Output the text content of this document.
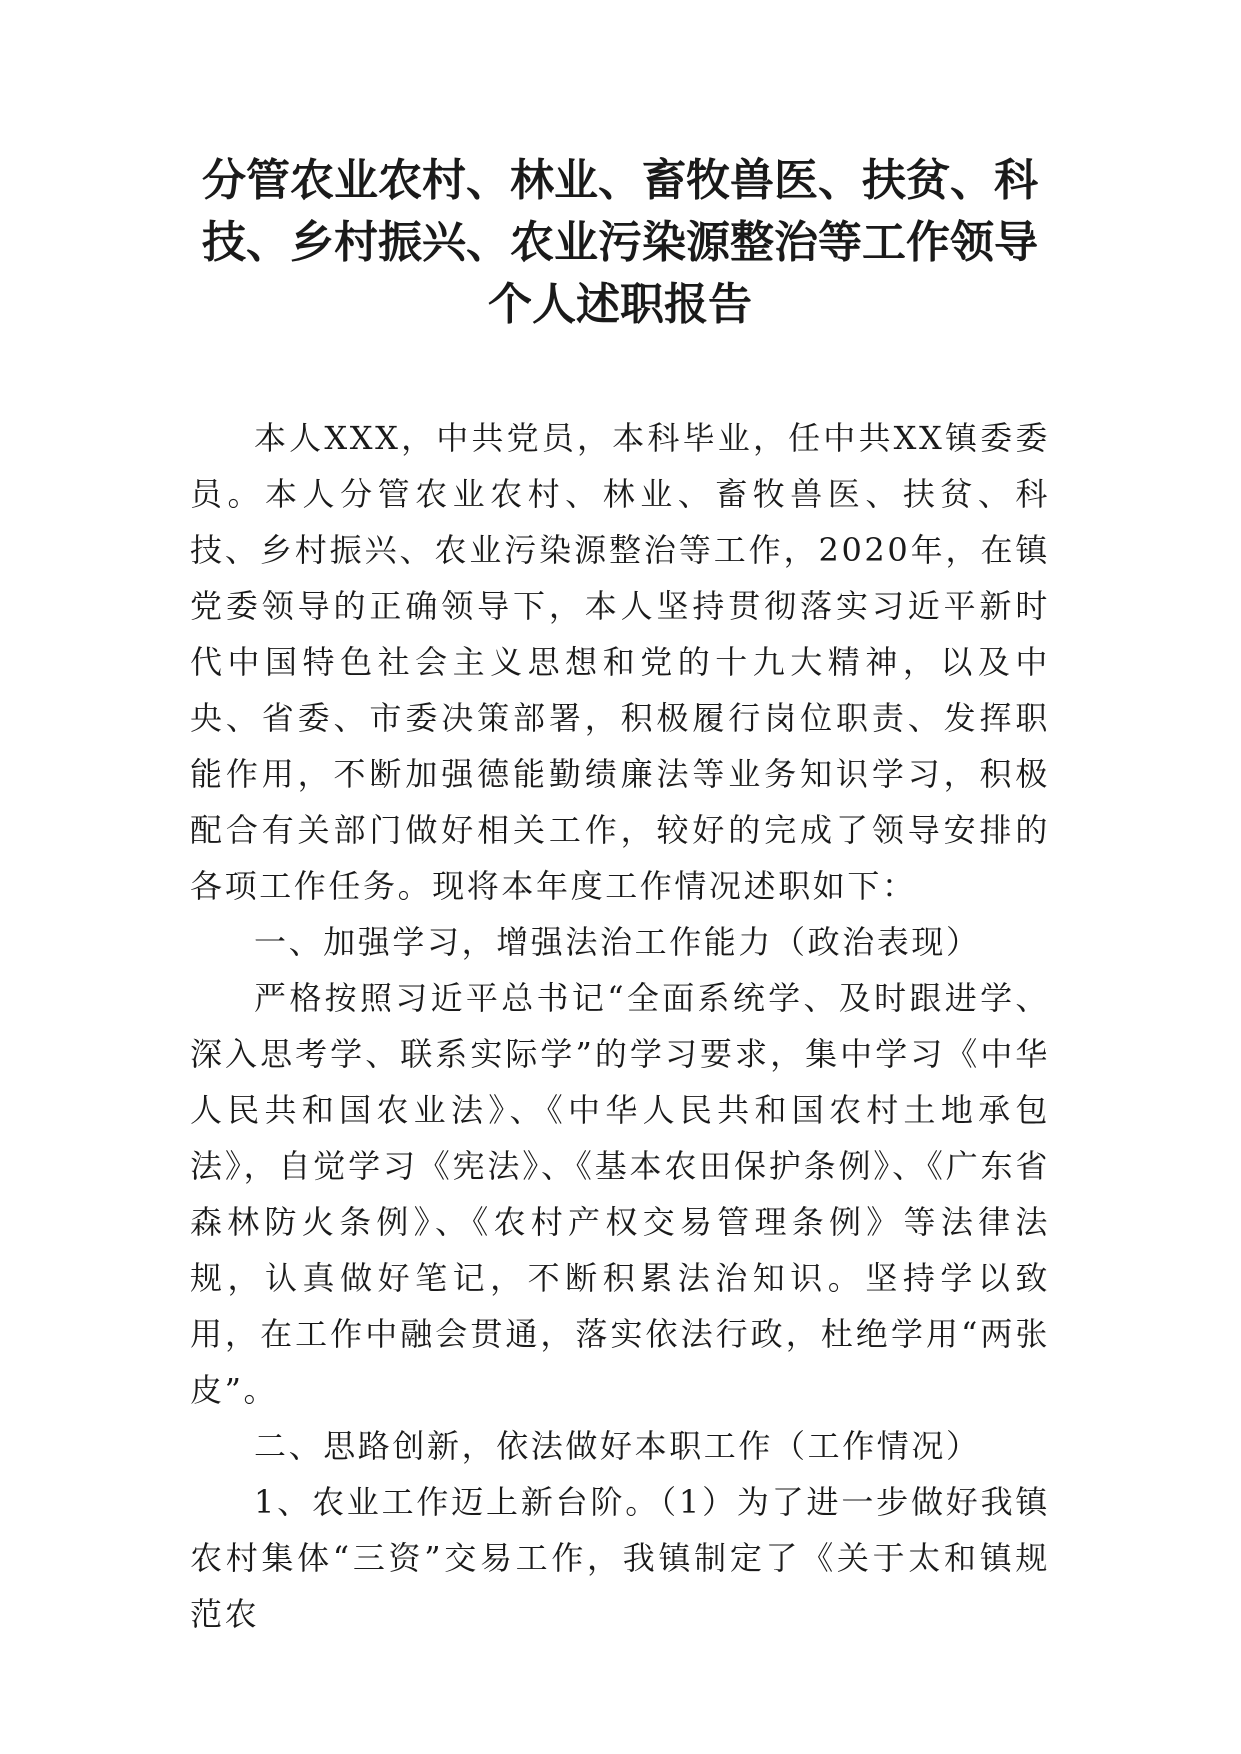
分管农业农村、林业、畜牧兽医、扶贫、科技、乡村振兴、农业污染源整治等工作领导个人述职报告

本人XXX，中共党员，本科毕业，任中共XX镇委委员。本人分管农业农村、林业、畜牧兽医、扶贫、科技、乡村振兴、农业污染源整治等工作，2020年，在镇党委领导的正确领导下，本人坚持贯彻落实习近平新时代中国特色社会主义思想和党的十九大精神，以及中央、省委、市委决策部署，积极履行岗位职责、发挥职能作用，不断加强德能勤绩廉法等业务知识学习，积极配合有关部门做好相关工作，较好的完成了领导安排的各项工作任务。现将本年度工作情况述职如下：

一、加强学习，增强法治工作能力（政治表现）

严格按照习近平总书记“全面系统学、及时跟进学、深入思考学、联系实际学”的学习要求，集中学习《中华人民共和国农业法》、《中华人民共和国农村土地承包法》，自觉学习《宪法》、《基本农田保护条例》、《广东省森林防火条例》、《农村产权交易管理条例》等法律法规，认真做好笔记，不断积累法治知识。坚持学以致用，在工作中融会贯通，落实依法行政，杜绝学用“两张皮”。

二、思路创新，依法做好本职工作（工作情况）

1、农业工作迈上新台阶。（1）为了进一步做好我镇农村集体“三资”交易工作，我镇制定了《关于太和镇规范农
